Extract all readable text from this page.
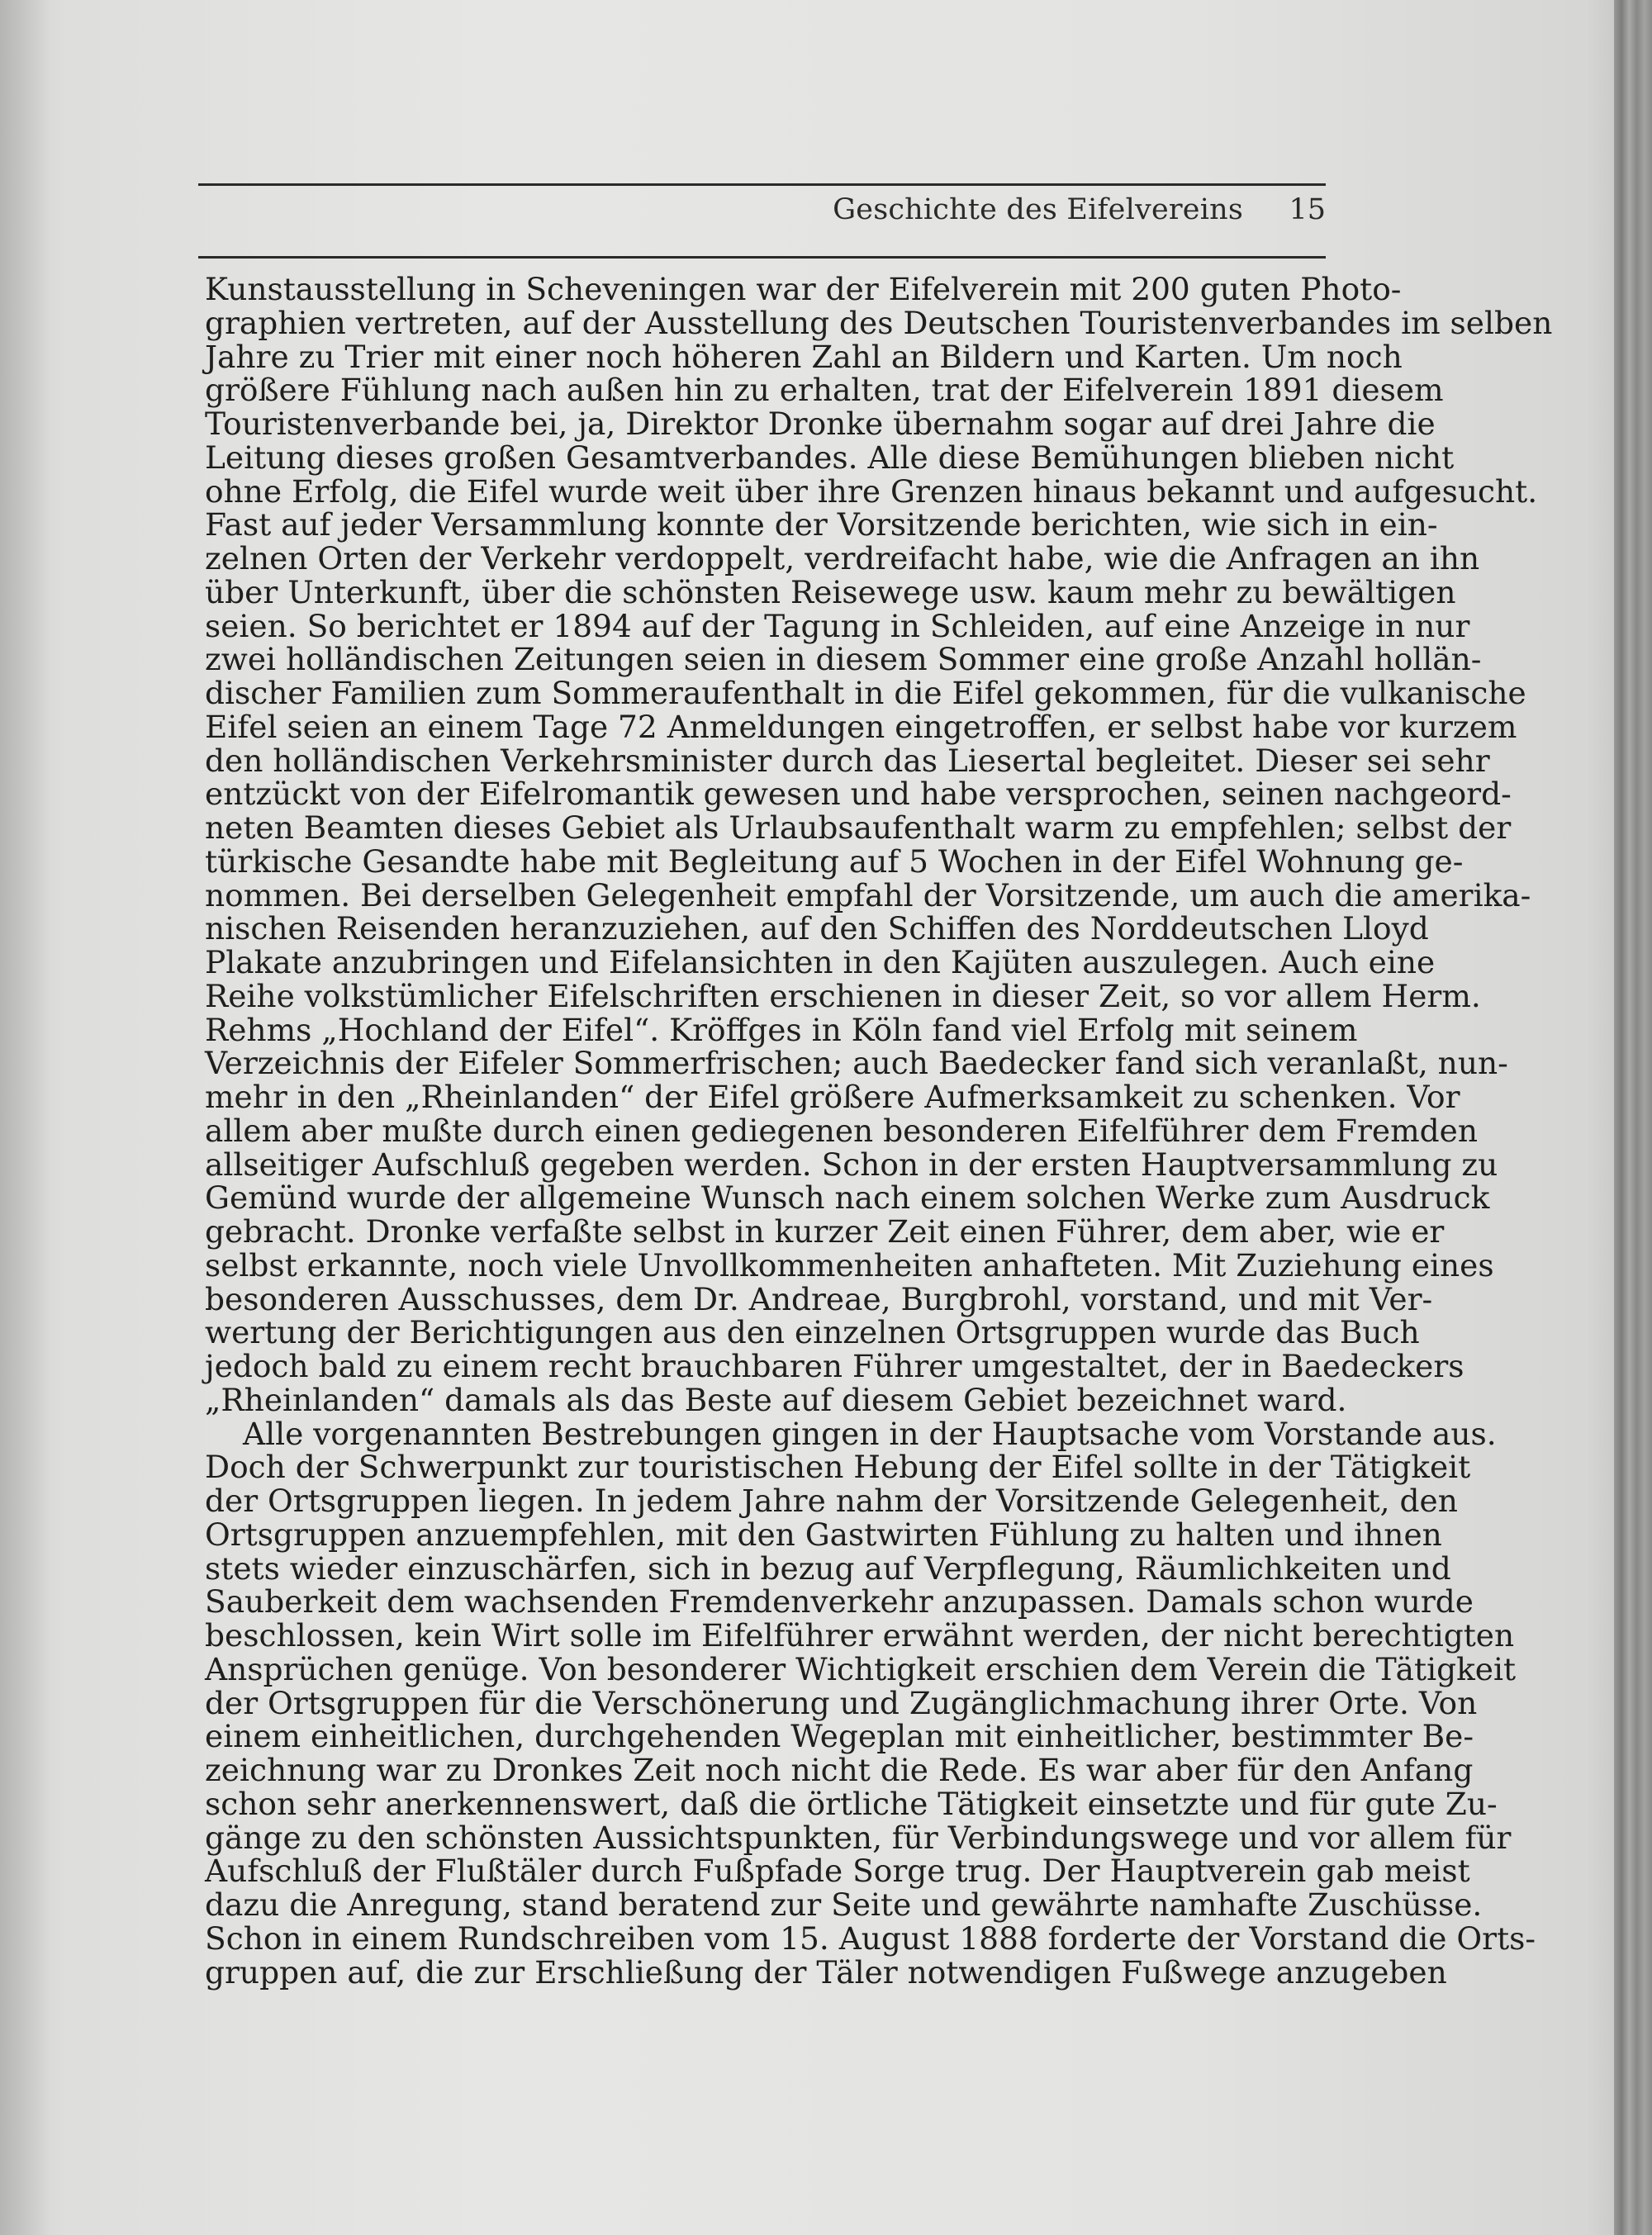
Geschichte des Eifelvereins 15
Kunstausstellung in Scheveningen war der Eifelverein mit 200 guten Photo-
graphien vertreten, auf der Ausstellung des Deutschen Touristenverbandes im selben
Jahre zu Trier mit einer noch höheren Zahl an Bildern und Karten. Um noch
größere Fühlung nach außen hin zu erhalten, trat der Eifelverein 1891 diesem
Touristenverbande bei, ja, Direktor Dronke übernahm sogar auf drei Jahre die
Leitung dieses großen Gesamtverbandes. Alle diese Bemühungen blieben nicht
ohne Erfolg, die Eifel wurde weit über ihre Grenzen hinaus bekannt und aufgesucht.
Fast auf jeder Versammlung konnte der Vorsitzende berichten, wie sich in ein-
zelnen Orten der Verkehr verdoppelt, verdreifacht habe, wie die Anfragen an ihn
über Unterkunft, über die schönsten Reisewege usw. kaum mehr zu bewältigen
seien. So berichtet er 1894 auf der Tagung in Schleiden, auf eine Anzeige in nur
zwei holländischen Zeitungen seien in diesem Sommer eine große Anzahl hollän-
discher Familien zum Sommeraufenthalt in die Eifel gekommen, für die vulkanische
Eifel seien an einem Tage 72 Anmeldungen eingetroffen, er selbst habe vor kurzem
den holländischen Verkehrsminister durch das Liesertal begleitet. Dieser sei sehr
entzückt von der Eifelromantik gewesen und habe versprochen, seinen nachgeord-
neten Beamten dieses Gebiet als Urlaubsaufenthalt warm zu empfehlen; selbst der
türkische Gesandte habe mit Begleitung auf 5 Wochen in der Eifel Wohnung ge-
nommen. Bei derselben Gelegenheit empfahl der Vorsitzende, um auch die amerika-
nischen Reisenden heranzuziehen, auf den Schiffen des Norddeutschen Lloyd
Plakate anzubringen und Eifelansichten in den Kajüten auszulegen. Auch eine
Reihe volkstümlicher Eifelschriften erschienen in dieser Zeit, so vor allem Herm.
Rehms „Hochland der Eifel“. Kröffges in Köln fand viel Erfolg mit seinem
Verzeichnis der Eifeler Sommerfrischen; auch Baedecker fand sich veranlaßt, nun-
mehr in den „Rheinlanden“ der Eifel größere Aufmerksamkeit zu schenken. Vor
allem aber mußte durch einen gediegenen besonderen Eifelführer dem Fremden
allseitiger Aufschluß gegeben werden. Schon in der ersten Hauptversammlung zu
Gemünd wurde der allgemeine Wunsch nach einem solchen Werke zum Ausdruck
gebracht. Dronke verfaßte selbst in kurzer Zeit einen Führer, dem aber, wie er
selbst erkannte, noch viele Unvollkommenheiten anhafteten. Mit Zuziehung eines
besonderen Ausschusses, dem Dr. Andreae, Burgbrohl, vorstand, und mit Ver-
wertung der Berichtigungen aus den einzelnen Ortsgruppen wurde das Buch
jedoch bald zu einem recht brauchbaren Führer umgestaltet, der in Baedeckers
„Rheinlanden“ damals als das Beste auf diesem Gebiet bezeichnet ward.
Alle vorgenannten Bestrebungen gingen in der Hauptsache vom Vorstande aus.
Doch der Schwerpunkt zur touristischen Hebung der Eifel sollte in der Tätigkeit
der Ortsgruppen liegen. In jedem Jahre nahm der Vorsitzende Gelegenheit, den
Ortsgruppen anzuempfehlen, mit den Gastwirten Fühlung zu halten und ihnen
stets wieder einzuschärfen, sich in bezug auf Verpflegung, Räumlichkeiten und
Sauberkeit dem wachsenden Fremdenverkehr anzupassen. Damals schon wurde
beschlossen, kein Wirt solle im Eifelführer erwähnt werden, der nicht berechtigten
Ansprüchen genüge. Von besonderer Wichtigkeit erschien dem Verein die Tätigkeit
der Ortsgruppen für die Verschönerung und Zugänglichmachung ihrer Orte. Von
einem einheitlichen, durchgehenden Wegeplan mit einheitlicher, bestimmter Be-
zeichnung war zu Dronkes Zeit noch nicht die Rede. Es war aber für den Anfang
schon sehr anerkennenswert, daß die örtliche Tätigkeit einsetzte und für gute Zu-
gänge zu den schönsten Aussichtspunkten, für Verbindungswege und vor allem für
Aufschluß der Flußtäler durch Fußpfade Sorge trug. Der Hauptverein gab meist
dazu die Anregung, stand beratend zur Seite und gewährte namhafte Zuschüsse.
Schon in einem Rundschreiben vom 15. August 1888 forderte der Vorstand die Orts-
gruppen auf, die zur Erschließung der Täler notwendigen Fußwege anzugeben
